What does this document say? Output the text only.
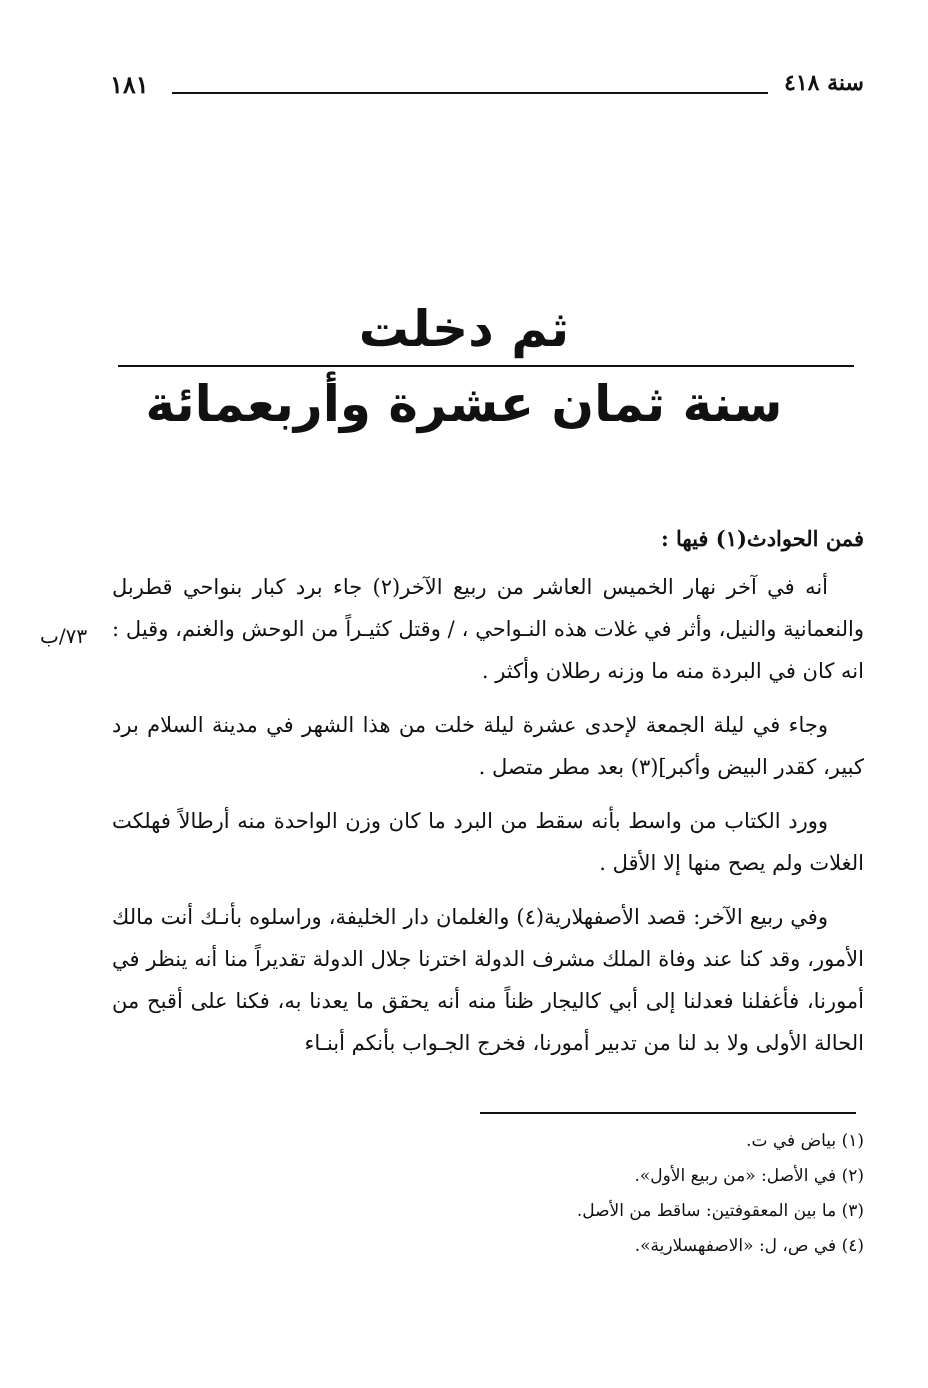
سنة ٤١٨
١٨١
ثم دخلت
سنة ثمان عشرة وأربعمائة

فمن الحوادث(١) فيها :

أنه في آخر نهار الخميس العاشر من ربيع الآخر(٢) جاء برد كبار بنواحي قطربل والنعمانية والنيل، وأثر في غلات هذه النـواحي ، / وقتل كثيـراً من الوحش والغنم، وقيل : انه كان في البردة منه ما وزنه رطلان وأكثر .

وجاء في ليلة الجمعة لإحدى عشرة ليلة خلت من هذا الشهر في مدينة السلام برد كبير، كقدر البيض وأكبر](٣) بعد مطر متصل .

وورد الكتاب من واسط بأنه سقط من البرد ما كان وزن الواحدة منه أرطالاً فهلكت الغلات ولم يصح منها إلا الأقل .

وفي ربيع الآخر: قصد الأصفهلارية(٤) والغلمان دار الخليفة، وراسلوه بأنـك أنت مالك الأمور، وقد كنا عند وفاة الملك مشرف الدولة اخترنا جلال الدولة تقديراً منا أنه ينظر في أمورنا، فأغفلنا فعدلنا إلى أبي كاليجار ظناً منه أنه يحقق ما يعدنا به، فكنا على أقبح من الحالة الأولى ولا بد لنا من تدبير أمورنا، فخرج الجـواب بأنكم أبنـاء

٧٣/ب
(١) بياض في ت.
(٢) في الأصل: «من ربيع الأول».
(٣) ما بين المعقوفتين: ساقط من الأصل.
(٤) في ص، ل: «الاصفهسلارية».
